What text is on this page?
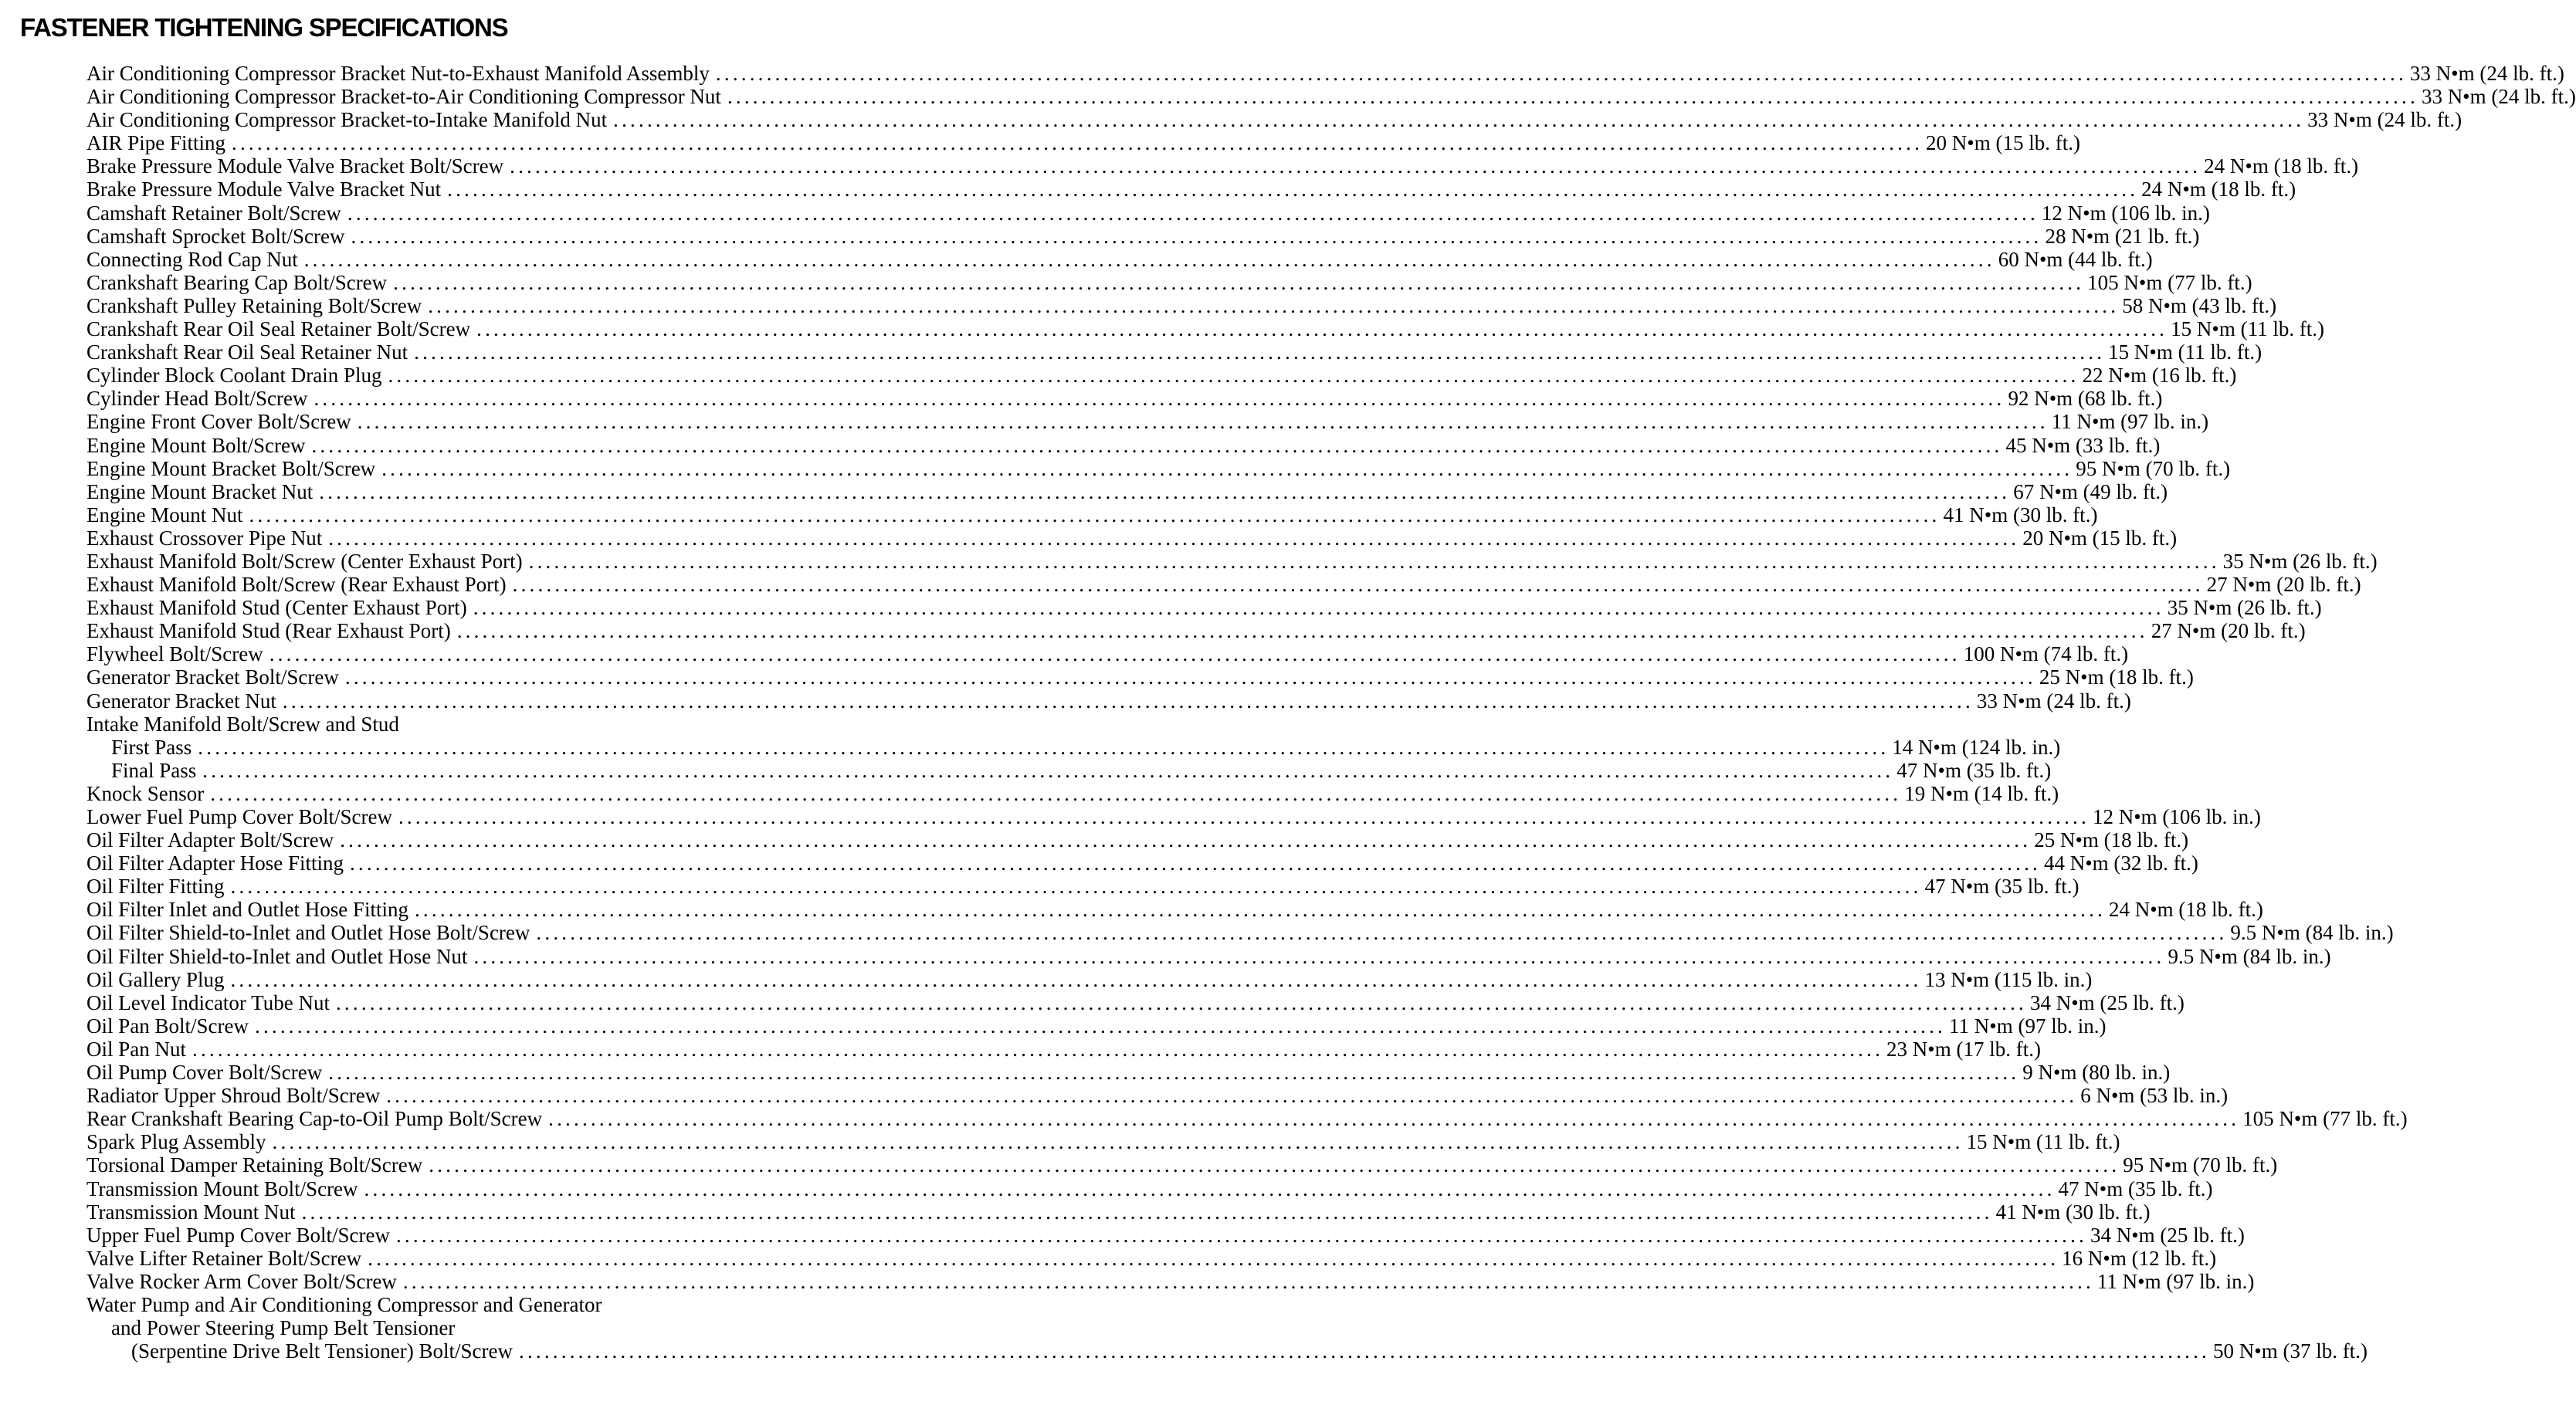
FASTENER TIGHTENING SPECIFICATIONS
Air Conditioning Compressor Bracket Nut-to-Exhaust Manifold Assembly ........................................................................................................................................................................................................ 33 N•m (24 lb. ft.)
Air Conditioning Compressor Bracket-to-Air Conditioning Compressor Nut ........................................................................................................................................................................................................ 33 N•m (24 lb. ft.)
Air Conditioning Compressor Bracket-to-Intake Manifold Nut ........................................................................................................................................................................................................ 33 N•m (24 lb. ft.)
AIR Pipe Fitting ........................................................................................................................................................................................................ 20 N•m (15 lb. ft.)
Brake Pressure Module Valve Bracket Bolt/Screw ........................................................................................................................................................................................................ 24 N•m (18 lb. ft.)
Brake Pressure Module Valve Bracket Nut ........................................................................................................................................................................................................ 24 N•m (18 lb. ft.)
Camshaft Retainer Bolt/Screw ........................................................................................................................................................................................................ 12 N•m (106 lb. in.)
Camshaft Sprocket Bolt/Screw ........................................................................................................................................................................................................ 28 N•m (21 lb. ft.)
Connecting Rod Cap Nut ........................................................................................................................................................................................................ 60 N•m (44 lb. ft.)
Crankshaft Bearing Cap Bolt/Screw ........................................................................................................................................................................................................ 105 N•m (77 lb. ft.)
Crankshaft Pulley Retaining Bolt/Screw ........................................................................................................................................................................................................ 58 N•m (43 lb. ft.)
Crankshaft Rear Oil Seal Retainer Bolt/Screw ........................................................................................................................................................................................................ 15 N•m (11 lb. ft.)
Crankshaft Rear Oil Seal Retainer Nut ........................................................................................................................................................................................................ 15 N•m (11 lb. ft.)
Cylinder Block Coolant Drain Plug ........................................................................................................................................................................................................ 22 N•m (16 lb. ft.)
Cylinder Head Bolt/Screw ........................................................................................................................................................................................................ 92 N•m (68 lb. ft.)
Engine Front Cover Bolt/Screw ........................................................................................................................................................................................................ 11 N•m (97 lb. in.)
Engine Mount Bolt/Screw ........................................................................................................................................................................................................ 45 N•m (33 lb. ft.)
Engine Mount Bracket Bolt/Screw ........................................................................................................................................................................................................ 95 N•m (70 lb. ft.)
Engine Mount Bracket Nut ........................................................................................................................................................................................................ 67 N•m (49 lb. ft.)
Engine Mount Nut ........................................................................................................................................................................................................ 41 N•m (30 lb. ft.)
Exhaust Crossover Pipe Nut ........................................................................................................................................................................................................ 20 N•m (15 lb. ft.)
Exhaust Manifold Bolt/Screw (Center Exhaust Port) ........................................................................................................................................................................................................ 35 N•m (26 lb. ft.)
Exhaust Manifold Bolt/Screw (Rear Exhaust Port) ........................................................................................................................................................................................................ 27 N•m (20 lb. ft.)
Exhaust Manifold Stud (Center Exhaust Port) ........................................................................................................................................................................................................ 35 N•m (26 lb. ft.)
Exhaust Manifold Stud (Rear Exhaust Port) ........................................................................................................................................................................................................ 27 N•m (20 lb. ft.)
Flywheel Bolt/Screw ........................................................................................................................................................................................................ 100 N•m (74 lb. ft.)
Generator Bracket Bolt/Screw ........................................................................................................................................................................................................ 25 N•m (18 lb. ft.)
Generator Bracket Nut ........................................................................................................................................................................................................ 33 N•m (24 lb. ft.)
Intake Manifold Bolt/Screw and Stud
First Pass ........................................................................................................................................................................................................ 14 N•m (124 lb. in.)
Final Pass ........................................................................................................................................................................................................ 47 N•m (35 lb. ft.)
Knock Sensor ........................................................................................................................................................................................................ 19 N•m (14 lb. ft.)
Lower Fuel Pump Cover Bolt/Screw ........................................................................................................................................................................................................ 12 N•m (106 lb. in.)
Oil Filter Adapter Bolt/Screw ........................................................................................................................................................................................................ 25 N•m (18 lb. ft.)
Oil Filter Adapter Hose Fitting ........................................................................................................................................................................................................ 44 N•m (32 lb. ft.)
Oil Filter Fitting ........................................................................................................................................................................................................ 47 N•m (35 lb. ft.)
Oil Filter Inlet and Outlet Hose Fitting ........................................................................................................................................................................................................ 24 N•m (18 lb. ft.)
Oil Filter Shield-to-Inlet and Outlet Hose Bolt/Screw ........................................................................................................................................................................................................ 9.5 N•m (84 lb. in.)
Oil Filter Shield-to-Inlet and Outlet Hose Nut ........................................................................................................................................................................................................ 9.5 N•m (84 lb. in.)
Oil Gallery Plug ........................................................................................................................................................................................................ 13 N•m (115 lb. in.)
Oil Level Indicator Tube Nut ........................................................................................................................................................................................................ 34 N•m (25 lb. ft.)
Oil Pan Bolt/Screw ........................................................................................................................................................................................................ 11 N•m (97 lb. in.)
Oil Pan Nut ........................................................................................................................................................................................................ 23 N•m (17 lb. ft.)
Oil Pump Cover Bolt/Screw ........................................................................................................................................................................................................ 9 N•m (80 lb. in.)
Radiator Upper Shroud Bolt/Screw ........................................................................................................................................................................................................ 6 N•m (53 lb. in.)
Rear Crankshaft Bearing Cap-to-Oil Pump Bolt/Screw ........................................................................................................................................................................................................ 105 N•m (77 lb. ft.)
Spark Plug Assembly ........................................................................................................................................................................................................ 15 N•m (11 lb. ft.)
Torsional Damper Retaining Bolt/Screw ........................................................................................................................................................................................................ 95 N•m (70 lb. ft.)
Transmission Mount Bolt/Screw ........................................................................................................................................................................................................ 47 N•m (35 lb. ft.)
Transmission Mount Nut ........................................................................................................................................................................................................ 41 N•m (30 lb. ft.)
Upper Fuel Pump Cover Bolt/Screw ........................................................................................................................................................................................................ 34 N•m (25 lb. ft.)
Valve Lifter Retainer Bolt/Screw ........................................................................................................................................................................................................ 16 N•m (12 lb. ft.)
Valve Rocker Arm Cover Bolt/Screw ........................................................................................................................................................................................................ 11 N•m (97 lb. in.)
Water Pump and Air Conditioning Compressor and Generator
and Power Steering Pump Belt Tensioner
(Serpentine Drive Belt Tensioner) Bolt/Screw ........................................................................................................................................................................................................ 50 N•m (37 lb. ft.)
